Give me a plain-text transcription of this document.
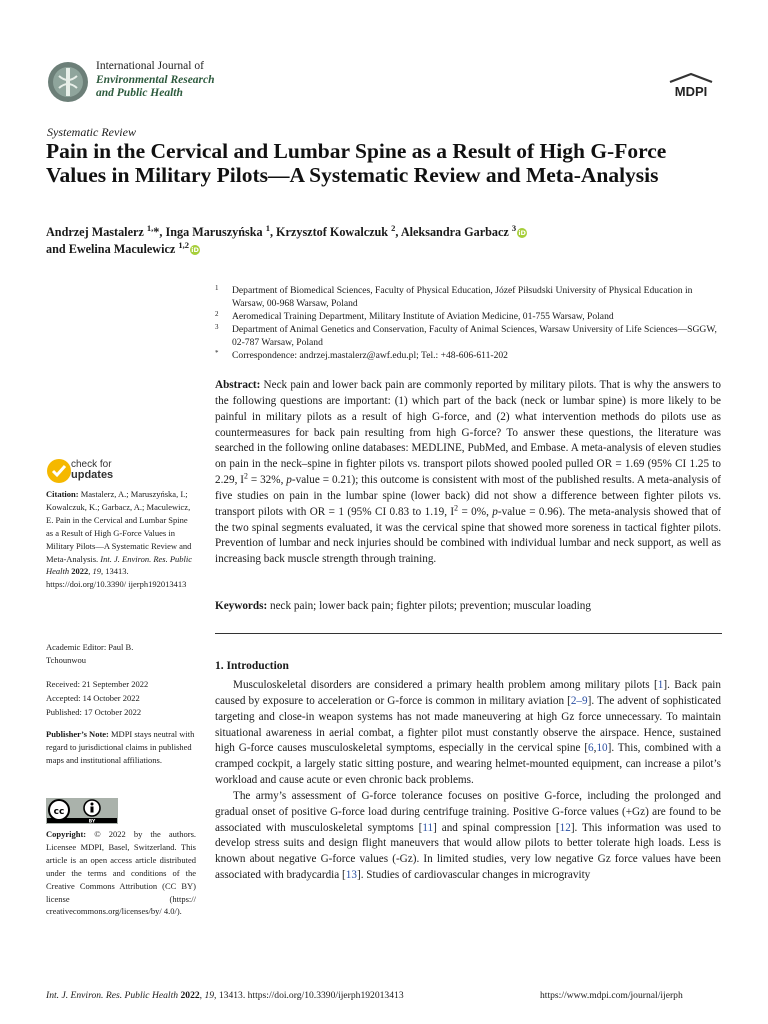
International Journal of
Environmental Research
and Public Health	MDPI
Systematic Review
Pain in the Cervical and Lumbar Spine as a Result of High G-Force Values in Military Pilots—A Systematic Review and Meta-Analysis
Andrzej Mastalerz $^{1,}$*, Inga Maruszyńska $^1$, Krzysztof Kowalczuk $^2$, Aleksandra Garbacz $^3$iD
and Ewelina Maculewicz $^{1,2}$iD
1 Department of Biomedical Sciences, Faculty of Physical Education, Józef Piłsudski University of Physical Education in Warsaw, 00-968 Warsaw, Poland
2 Aeromedical Training Department, Military Institute of Aviation Medicine, 01-755 Warsaw, Poland
3 Department of Animal Genetics and Conservation, Faculty of Animal Sciences, Warsaw University of Life Sciences—SGGW, 02-787 Warsaw, Poland
* Correspondence: andrzej.mastalerz@awf.edu.pl; Tel.: +48-606-611-202
Abstract: Neck pain and lower back pain are commonly reported by military pilots. That is why the answers to the following questions are important: (1) which part of the back (neck or lumbar spine) is more likely to be painful in military pilots as a result of high G-force, and (2) what intervention methods do pilots use as countermeasures for back pain resulting from high G-force? To answer these questions, the literature was searched in the following online databases: MEDLINE, PubMed, and Embase. A meta-analysis of eleven studies on pain in the neck–spine in fighter pilots vs. transport pilots showed pooled pulled OR = 1.69 (95% CI 1.25 to 2.29, $I^2 = 32\%$, p-value = 0.21); this outcome is consistent with most of the published results. A meta-analysis of five studies on pain in the lumbar spine (lower back) did not show a difference between fighter pilots vs. transport pilots with OR = 1 (95% CI 0.83 to 1.19, $I^2 = 0\%$, p-value = 0.96). The meta-analysis showed that of the two spinal segments evaluated, it was the cervical spine that showed more soreness in tactical fighter pilots. Prevention of lumbar and neck injuries should be combined with individual lumbar and neck support, as well as increasing back muscle strength through training.
Keywords: neck pain; lower back pain; fighter pilots; prevention; muscular loading
1. Introduction

Musculoskeletal disorders are considered a primary health problem among military pilots [1]. Back pain caused by exposure to acceleration or G-force is common in military aviation [2–9]. The advent of sophisticated targeting and close-in weapon systems has not made maneuvering at high Gz force unnecessary. To maintain situational awareness in aerial combat, a fighter pilot must constantly observe the airspace. Hence, sustained high G-force causes musculoskeletal symptoms, especially in the cervical spine [6,10]. This, combined with a cramped cockpit, a largely static sitting posture, and wearing helmet-mounted equipment, can increase a pilot’s workload and cause acute or even chronic back problems.

The army’s assessment of G-force tolerance focuses on positive G-force, including the prolonged and gradual onset of positive G-force load during centrifuge training. Positive G-force values (+Gz) are found to be associated with musculoskeletal symptoms [11] and spinal compression [12]. This information was used to develop stress suits and design flight maneuvers that would allow pilots to better tolerate high loads. Less is known about negative G-force values (-Gz). In limited studies, very low negative Gz force values have been associated with bradycardia [13]. Studies of cardiovascular changes in microgravity

check for
updates
Citation: Mastalerz, A.; Maruszyńska, I.; Kowalczuk, K.; Garbacz, A.; Maculewicz, E. Pain in the Cervical and Lumbar Spine as a Result of High G-Force Values in Military Pilots—A Systematic Review and Meta-Analysis. Int. J. Environ. Res. Public Health 2022, 19, 13413. https://doi.org/10.3390/ ijerph192013413
Academic Editor: Paul B. Tchounwou
Received: 21 September 2022
Accepted: 14 October 2022
Published: 17 October 2022
Publisher’s Note: MDPI stays neutral with regard to jurisdictional claims in published maps and institutional affiliations.
cc
BY
Copyright: © 2022 by the authors. Licensee MDPI, Basel, Switzerland. This article is an open access article distributed under the terms and conditions of the Creative Commons Attribution (CC BY) license (https:// creativecommons.org/licenses/by/ 4.0/).
Int. J. Environ. Res. Public Health 2022, 19, 13413. https://doi.org/10.3390/ijerph192013413	https://www.mdpi.com/journal/ijerph
